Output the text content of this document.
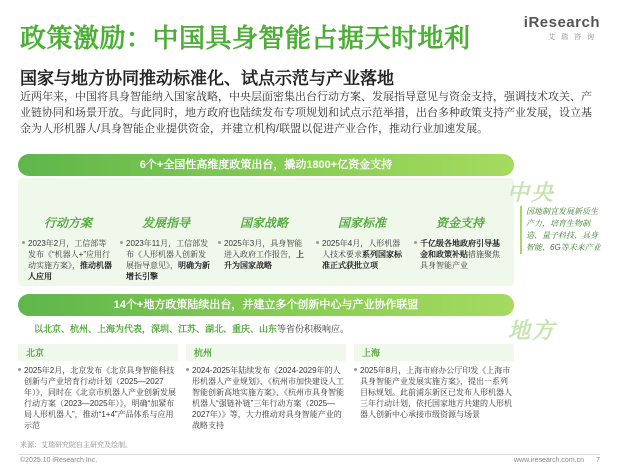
政策激励：中国具身智能占据天时地利
iResearch
艾瑞咨询
国家与地方协同推动标准化、试点示范与产业落地
近两年来，中国将具身智能纳入国家战略，中央层面密集出台行动方案、发展指导意见与资金支持，强调技术攻关、产业链协同和场景开放。与此同时，地方政府也陆续发布专项规划和试点示范举措，出台多种政策支持产业发展，设立基金为人形机器人/具身智能企业提供资金，并建立机构/联盟以促进产业合作，推动行业加速发展。
6个+全国性高维度政策出台，撬动1800+亿资金支持
中央
行动方案	发展指导	国家战略	国家标准	资金支持
2023年2月，工信部等发布《“机器人+”应用行动实施方案》，推动机器人应用
2023年11月，工信部发布《人形机器人创新发展指导意见》，明确为新增长引擎
2025年3月，具身智能进入政府工作报告，上升为国家战略
2025年4月，人形机器人技术要求系列国家标准正式获批立项
千亿级各地政府引导基金和政策补贴措施聚焦具身智能产业
因地制宜发展新质生产力，培育生物制造、量子科技、具身智能、6G等未来产业
14个+地方政策陆续出台，并建立多个创新中心与产业协作联盟
地方
以北京、杭州、上海为代表，深圳、江苏、湖北、重庆、山东等省份积极响应。
北京
2025年2月，北京发布《北京具身智能科技创新与产业培育行动计划（2025—2027年）》，同时在《北京市机器人产业创新发展行动方案（2023—2025年）》，明确“加紧布局人形机器人”，推动“1+4”产品体系与应用示范
杭州
2024-2025年陆续发布《2024-2029年的人形机器人产业规划》、《杭州市加快建设人工智能创新高地实施方案》、《杭州市具身智能机器人“强链补链”三年行动方案（2025—2027年）》等，大力推动对具身智能产业的战略支持
上海
2025年8月，上海市府办公厅印发《上海市具身智能产业发展实施方案》，提出一系列目标规划。此前浦东新区已发布人形机器人三年行动计划，依托国家地方共建的人形机器人创新中心承接市级资源与场景
来源：艾瑞研究院自主研究及绘制。
©2025.10 iResearch Inc.	www.iresearch.com.cn 7
